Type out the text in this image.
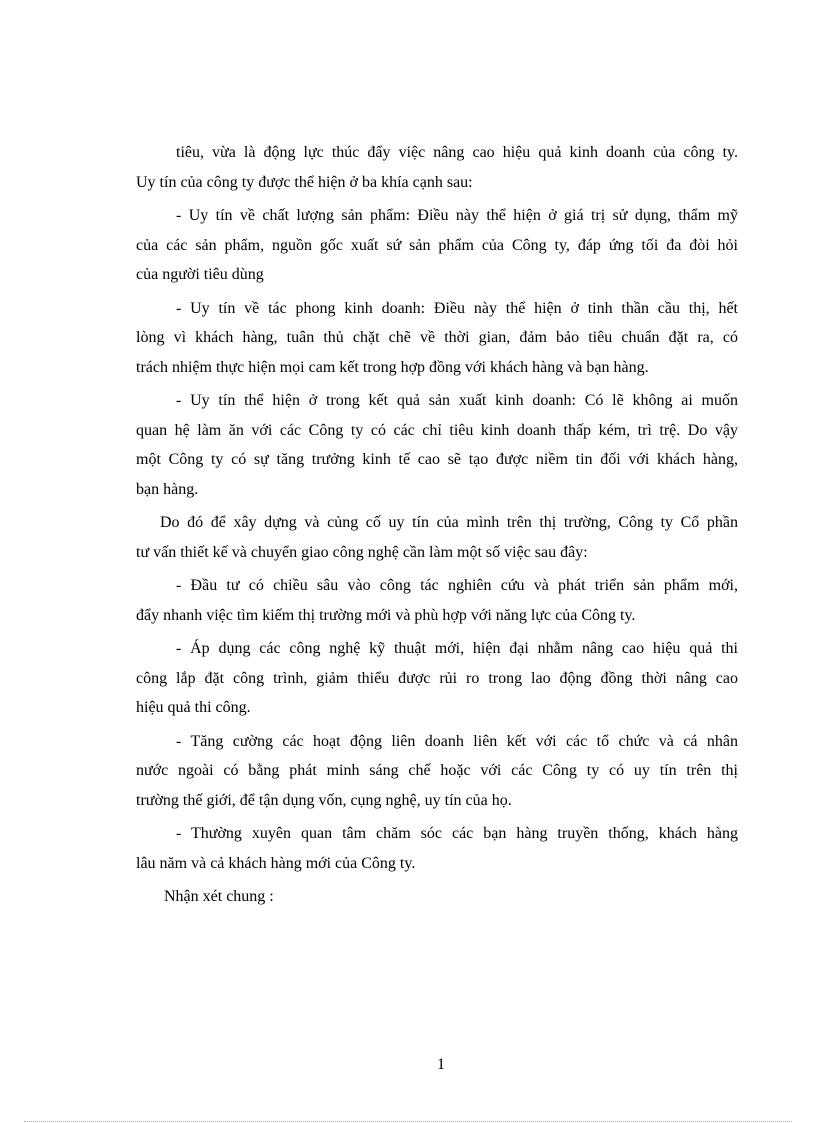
tiêu, vừa là động lực thúc đẩy việc nâng cao hiệu quả kinh doanh của công ty.
Uy tín của công ty được thể hiện ở ba khía cạnh sau:
- Uy tín về chất lượng sản phẩm: Điều này thể hiện ở giá trị sử dụng, thẩm mỹ
của các sản phẩm, nguồn gốc xuất sứ sản phẩm của Công ty, đáp ứng tối đa đòi hỏi
của người tiêu dùng
- Uy tín về tác phong kinh doanh: Điều này thể hiện ở tinh thần cầu thị, hết
lòng vì khách hàng, tuân thủ chặt chẽ về thời gian, đảm bảo tiêu chuẩn đặt ra, có
trách nhiệm thực hiện mọi cam kết trong hợp đồng với khách hàng và bạn hàng.
- Uy tín thể hiện ở trong kết quả sản xuất kinh doanh: Có lẽ không ai muốn
quan hệ làm ăn với các Công ty có các chỉ tiêu kinh doanh thấp kém, trì trệ. Do vậy
một Công ty có sự tăng trưởng kinh tế cao sẽ tạo được niềm tin đối với khách hàng,
bạn hàng.
Do đó để xây dựng và củng cố uy tín của mình trên thị trường, Công ty Cổ phần
tư vấn thiết kế và chuyển giao công nghệ cần làm một số việc sau đây:
- Đầu tư có chiều sâu vào công tác nghiên cứu và phát triển sản phẩm mới,
đẩy nhanh việc tìm kiếm thị trường mới và phù hợp với năng lực của Công ty.
- Áp dụng các công nghệ kỹ thuật mới, hiện đại nhằm nâng cao hiệu quả thi
công lắp đặt công trình, giảm thiểu được rủi ro trong lao động đồng thời nâng cao
hiệu quả thi công.
- Tăng cường các hoạt động liên doanh liên kết với các tổ chức và cá nhân
nước ngoài có bằng phát minh sáng chế hoặc với các Công ty có uy tín trên thị
trường thế giới, để tận dụng vốn, cụng nghệ, uy tín của họ.
- Thường xuyên quan tâm chăm sóc các bạn hàng truyền thống, khách hàng
lâu năm và cả khách hàng mới của Công ty.
Nhận xét chung :
1
